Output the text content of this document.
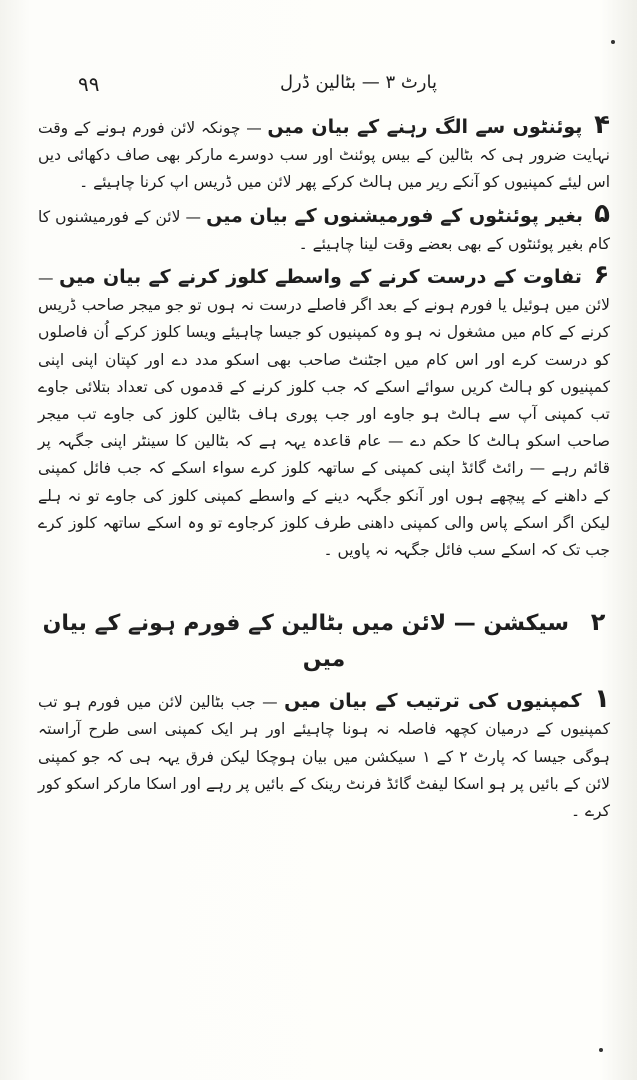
۹۹	پارٹ ۳ — بٹالین ڈرل

۴ پوئنٹوں سے الگ رہنے کے بیان میں — چونکہ لائن فورم ہونے کے وقت نہایت ضرور ہی کہ بٹالین کے بیس پوئنٹ اور سب دوسرے مارکر بھی صاف دکھائی دیں اس لیئے کمپنیوں کو آنکے ریر میں ہالٹ کرکے پھر لائن میں ڈریس اپ کرنا چاہیئے ۔

۵ بغیر پوئنٹوں کے فورمیشنوں کے بیان میں — لائن کے فورمیشنوں کا کام بغیر پوئنٹوں کے بھی بعضے وقت لینا چاہیئے ۔

۶ تفاوت کے درست کرنے کے واسطے کلوز کرنے کے بیان میں — لائن میں ہوئیل یا فورم ہونے کے بعد اگر فاصلے درست نہ ہوں تو جو میجر صاحب ڈریس کرنے کے کام میں مشغول نہ ہو وہ کمپنیوں کو جیسا چاہیئے ویسا کلوز کرکے اُن فاصلوں کو درست کرے اور اس کام میں اجٹنٹ صاحب بھی اسکو مدد دے اور کپتان اپنی اپنی کمپنیوں کو ہالٹ کریں سوائے اسکے کہ جب کلوز کرنے کے قدموں کی تعداد بتلائی جاوے تب کمپنی آپ سے ہالٹ ہو جاوے اور جب پوری ہاف بٹالین کلوز کی جاوے تب میجر صاحب اسکو ہالٹ کا حکم دے — عام قاعدہ یہہ ہے کہ بٹالین کا سینٹر اپنی جگہہ پر قائم رہے — رائٹ گائڈ اپنی کمپنی کے ساتھہ کلوز کرے سواء اسکے کہ جب فائل کمپنی کے داھنے کے پیچھے ہوں اور آنکو جگہہ دینے کے واسطے کمپنی کلوز کی جاوے تو نہ ہلے لیکن اگر اسکے پاس والی کمپنی داھنی طرف کلوز کرجاوے تو وہ اسکے ساتھہ کلوز کرے جب تک کہ اسکے سب فائل جگہہ نہ پاویں ۔

۲ سیکشن — لائن میں بٹالین کے فورم ہونے کے بیان میں

۱ کمپنیوں کی ترتیب کے بیان میں — جب بٹالین لائن میں فورم ہو تب کمپنیوں کے درمیان کچھہ فاصلہ نہ ہونا چاہیئے اور ہر ایک کمپنی اسی طرح آراستہ ہوگی جیسا کہ پارٹ ۲ کے ۱ سیکشن میں بیان ہوچکا لیکن فرق یہہ ہی کہ جو کمپنی لائن کے بائیں پر ہو اسکا لیفٹ گائڈ فرنٹ رینک کے بائیں پر رہے اور اسکا مارکر اسکو کور کرے ۔
